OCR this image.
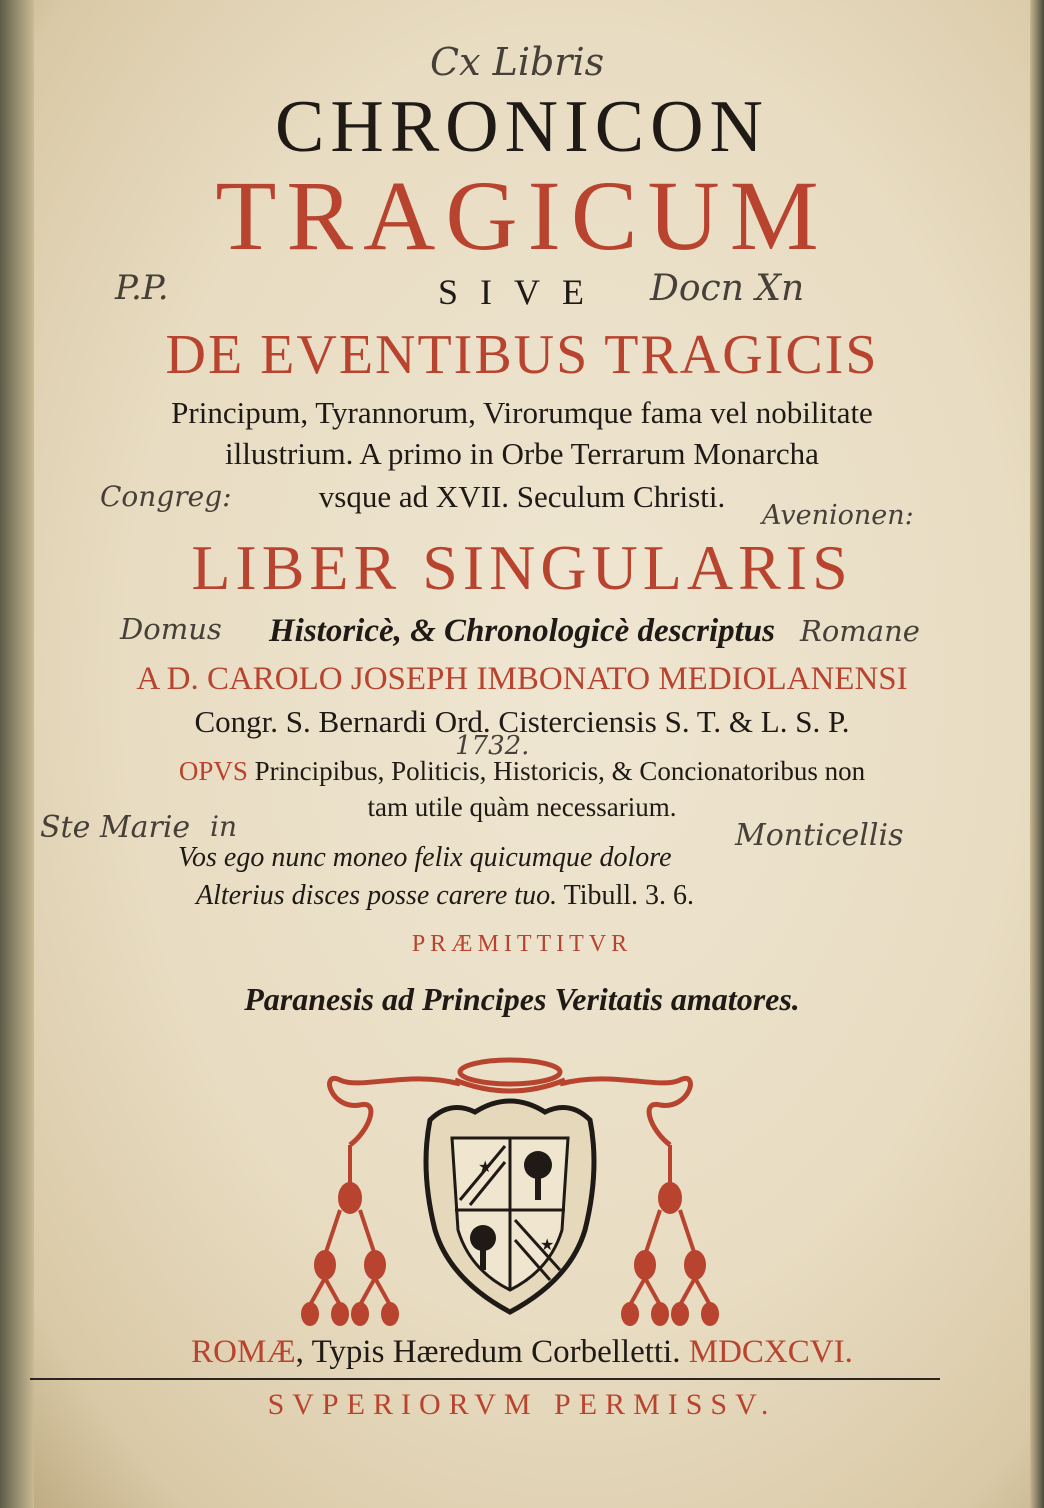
Cx Libris
CHRONICON
TRAGICUM
P.P.	SIVE	Docn Xn
DE EVENTIBUS TRAGICIS
Principum, Tyrannorum, Virorumque fama vel nobilitate
illustrium. A primo in Orbe Terrarum Monarcha
Congreg:	vsque ad XVII. Seculum Christi.
Avenionen:
LIBER SINGULARIS
Domus	Historicè, & Chronologicè descriptus Romane
A D. CAROLO JOSEPH IMBONATO MEDIOLANENSI
Congr. S. Bernardi Ord. Cisterciensis S. T. & L. S. P.
1732.
OPVS Principibus, Politicis, Historicis, & Concionatoribus non
tam utile quàm necessarium.
Ste Marie in	Monticellis
Vos ego nunc moneo felix quicumque dolore
Alterius disces posse carere tuo. Tibull. 3. 6.
PRÆMITTITVR
Paranesis ad Principes Veritatis amatores.
★
★
ROMÆ, Typis Hæredum Corbelletti. MDCXCVI.
SVPERIORVM PERMISSV.
